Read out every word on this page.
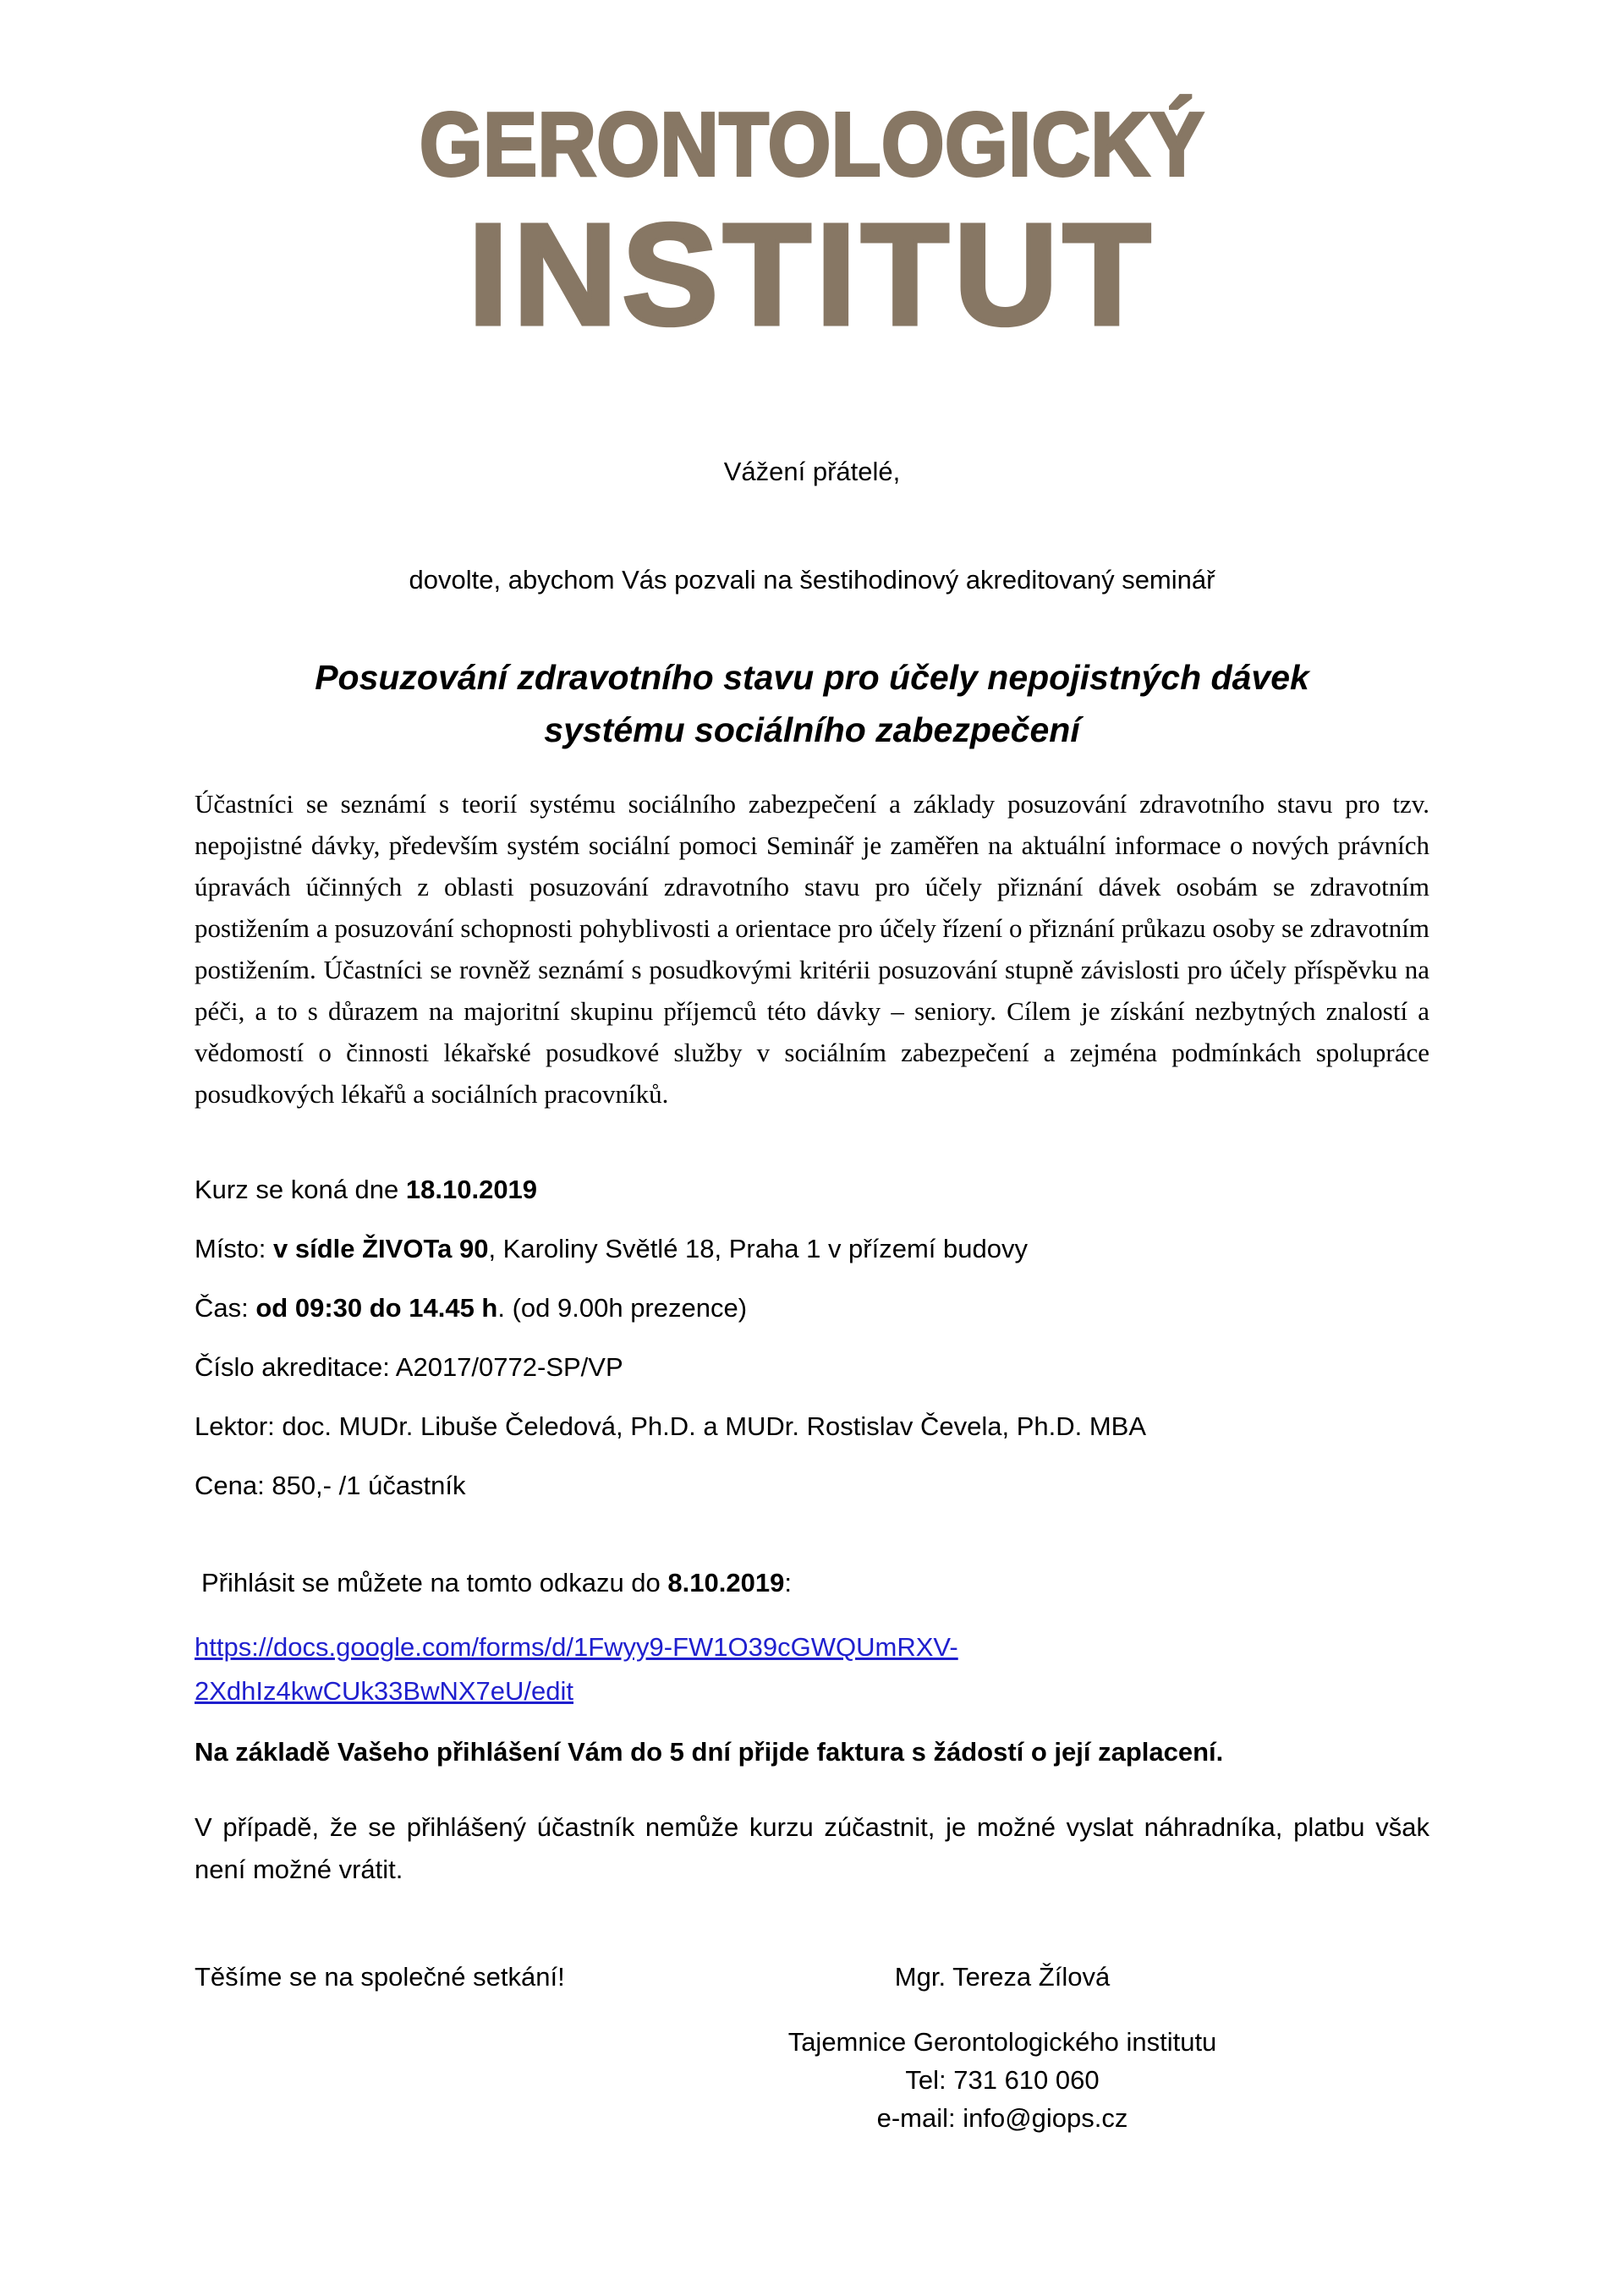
GERONTOLOGICKÝ
INSTITUT
Vážení přátelé,
dovolte, abychom Vás pozvali na šestihodinový akreditovaný seminář
Posuzování zdravotního stavu pro účely nepojistných dávek
systému sociálního zabezpečení
Účastníci se seznámí s teorií systému sociálního zabezpečení a základy posuzování zdravotního stavu pro tzv. nepojistné dávky, především systém sociální pomoci Seminář je zaměřen na aktuální informace o nových právních úpravách účinných z oblasti posuzování zdravotního stavu pro účely přiznání dávek osobám se zdravotním postižením a posuzování schopnosti pohyblivosti a orientace pro účely řízení o přiznání průkazu osoby se zdravotním postižením. Účastníci se rovněž seznámí s posudkovými kritérii posuzování stupně závislosti pro účely příspěvku na péči, a to s důrazem na majoritní skupinu příjemců této dávky – seniory. Cílem je získání nezbytných znalostí a vědomostí o činnosti lékařské posudkové služby v sociálním zabezpečení a zejména podmínkách spolupráce posudkových lékařů a sociálních pracovníků.
Kurz se koná dne 18.10.2019
Místo: v sídle ŽIVOTa 90, Karoliny Světlé 18, Praha 1 v přízemí budovy
Čas: od 09:30 do 14.45 h. (od 9.00h prezence)
Číslo akreditace: A2017/0772-SP/VP
Lektor: doc. MUDr. Libuše Čeledová, Ph.D. a MUDr. Rostislav Čevela, Ph.D. MBA
Cena: 850,- /1 účastník
Přihlásit se můžete na tomto odkazu do 8.10.2019:
https://docs.google.com/forms/d/1Fwyy9-FW1O39cGWQUmRXV-
2XdhIz4kwCUk33BwNX7eU/edit
Na základě Vašeho přihlášení Vám do 5 dní přijde faktura s žádostí o její zaplacení.
V případě, že se přihlášený účastník nemůže kurzu zúčastnit, je možné vyslat náhradníka, platbu však není možné vrátit.
Těšíme se na společné setkání!	Mgr. Tereza Žílová
Tajemnice Gerontologického institutu
Tel: 731 610 060
e-mail: info@giops.cz
